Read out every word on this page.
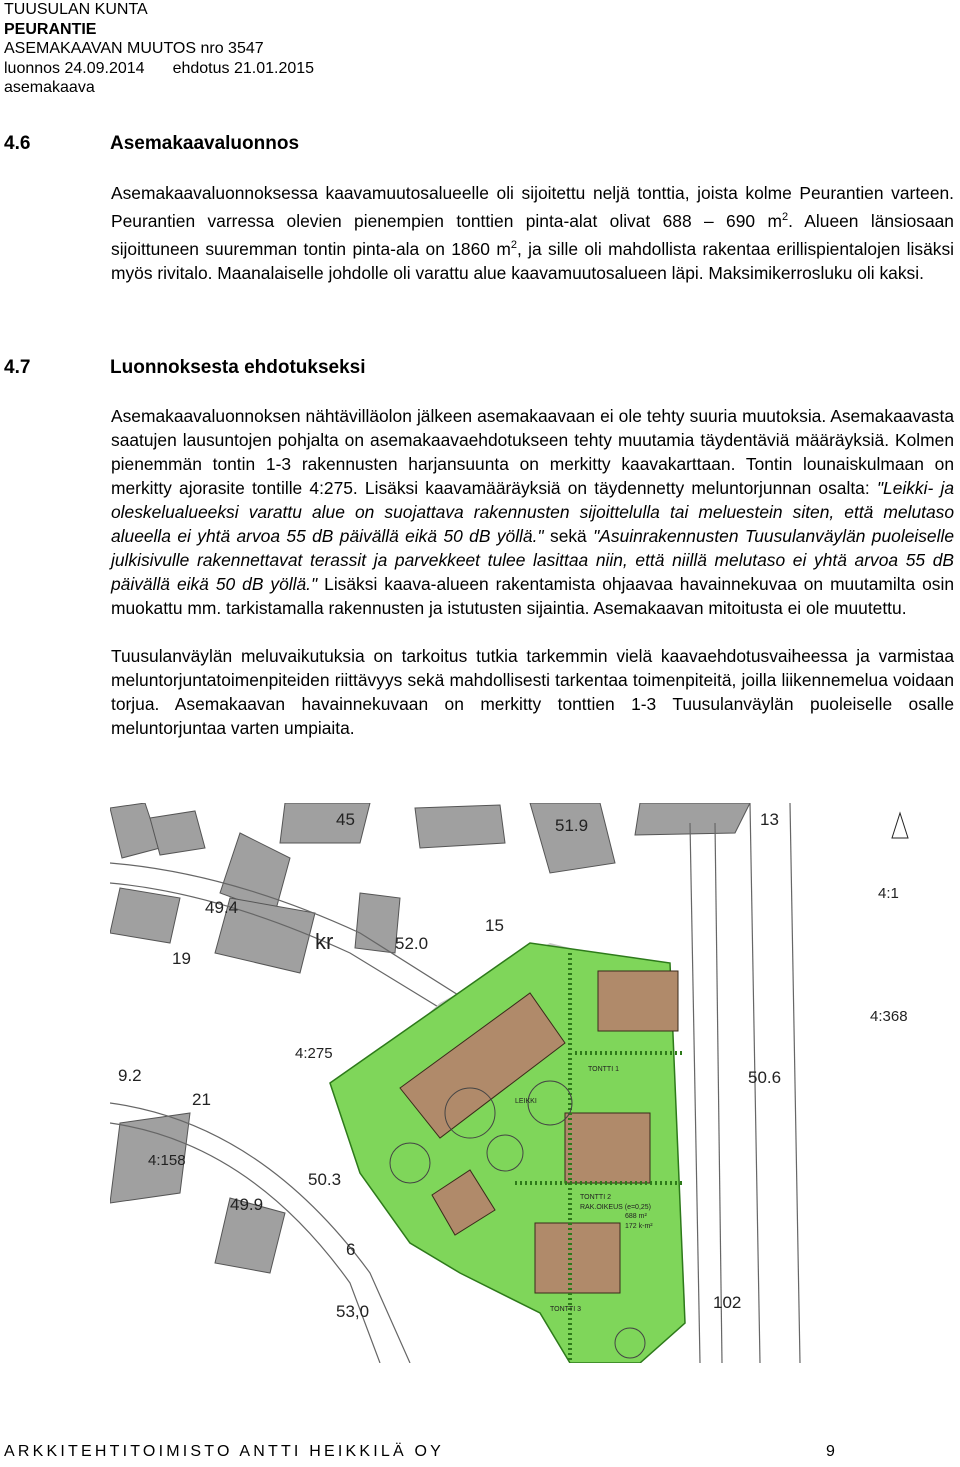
TUUSULAN KUNTA
PEURANTIE
ASEMAKAAVAN MUUTOS nro 3547
luonnos 24.09.2014 ehdotus 21.01.2015
asemakaava
4.6	Asemakaavaluonnos

Asemakaavaluonnoksessa kaavamuutosalueelle oli sijoitettu neljä tonttia, joista kolme Peurantien varteen. Peurantien varressa olevien pienempien tonttien pinta-alat olivat 688 – 690 $m^2$. Alueen länsiosaan sijoittuneen suuremman tontin pinta-ala on 1860 $m^2$, ja sille oli mahdollista rakentaa erillispientalojen lisäksi myös rivitalo. Maanalaiselle johdolle oli varattu alue kaavamuutosalueen läpi. Maksimikerrosluku oli kaksi.

4.7	Luonnoksesta ehdotukseksi

Asemakaavaluonnoksen nähtävilläolon jälkeen asemakaavaan ei ole tehty suuria muutoksia. Asemakaavasta saatujen lausuntojen pohjalta on asemakaavaehdotukseen tehty muutamia täydentäviä määräyksiä. Kolmen pienemmän tontin 1-3 rakennusten harjansuunta on merkitty kaavakarttaan. Tontin lounaiskulmaan on merkitty ajorasite tontille 4:275. Lisäksi kaavamääräyksiä on täydennetty meluntorjunnan osalta: "Leikki- ja oleskelualueeksi varattu alue on suojattava rakennusten sijoittelulla tai meluestein siten, että melutaso alueella ei yhtä arvoa 55 dB päivällä eikä 50 dB yöllä." sekä "Asuinrakennusten Tuusulanväylän puoleiselle julkisivulle rakennettavat terassit ja parvekkeet tulee lasittaa niin, että niillä melutaso ei yhtä arvoa 55 dB päivällä eikä 50 dB yöllä." Lisäksi kaava-alueen rakentamista ohjaavaa havainnekuvaa on muutamilta osin muokattu mm. tarkistamalla rakennusten ja istutusten sijaintia. Asemakaavan mitoitusta ei ole muutettu.

Tuusulanväylän meluvaikutuksia on tarkoitus tutkia tarkemmin vielä kaavaehdotusvaiheessa ja varmistaa meluntorjuntatoimenpiteiden riittävyys sekä mahdollisesti tarkentaa toimenpiteitä, joilla liikennemelua voidaan torjua. Asemakaavan havainnekuvaan on merkitty tonttien 1-3 Tuusulanväylän puoleiselle osalle meluntorjuntaa varten umpiaita.

45	51.9	13
49.4
15
52.0
kr
19
4:275
9.2
21
4:158
50.3
49.9
6
53,0
4:368
50.6
102
4:1
TONTTI 1
TONTTI 2
TONTTI 3
RAK.OIKEUS (e=0,25)
688 m²
172 k-m²
LEIKKI
ARKKITEHTITOIMISTO ANTTI HEIKKILÄ OY	9
